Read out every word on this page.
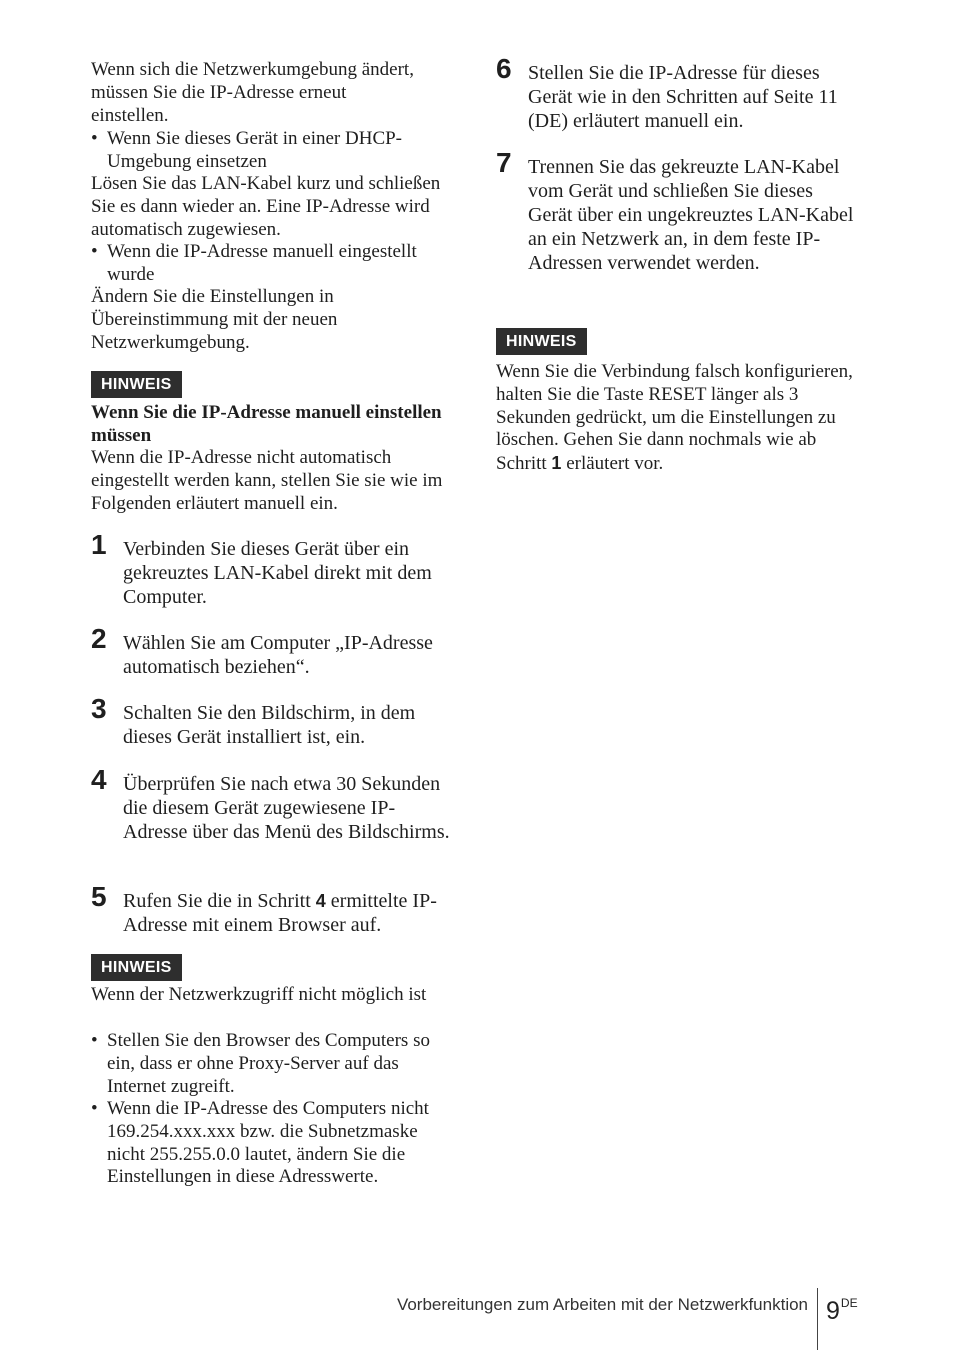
Wenn sich die Netzwerkumgebung ändert,
müssen Sie die IP-Adresse erneut
einstellen.

• Wenn Sie dieses Gerät in einer DHCP-Umgebung einsetzen

Lösen Sie das LAN-Kabel kurz und schließen Sie es dann wieder an. Eine IP-Adresse wird automatisch zugewiesen.

• Wenn die IP-Adresse manuell eingestellt wurde

Ändern Sie die Einstellungen in Übereinstimmung mit der neuen Netzwerkumgebung.

HINWEIS

Wenn Sie die IP-Adresse manuell einstellen müssen

Wenn die IP-Adresse nicht automatisch eingestellt werden kann, stellen Sie sie wie im Folgenden erläutert manuell ein.

1 Verbinden Sie dieses Gerät über ein gekreuztes LAN-Kabel direkt mit dem Computer.
2 Wählen Sie am Computer „IP-Adresse automatisch beziehen“.
3 Schalten Sie den Bildschirm, in dem dieses Gerät installiert ist, ein.
4 Überprüfen Sie nach etwa 30 Sekunden die diesem Gerät zugewiesene IP-Adresse über das Menü des Bildschirms.
5 Rufen Sie die in Schritt 4 ermittelte IP-Adresse mit einem Browser auf.
HINWEIS

Wenn der Netzwerkzugriff nicht möglich ist

• Stellen Sie den Browser des Computers so ein, dass er ohne Proxy-Server auf das Internet zugreift.
• Wenn die IP-Adresse des Computers nicht 169.254.xxx.xxx bzw. die Subnetzmaske nicht 255.255.0.0 lautet, ändern Sie die Einstellungen in diese Adresswerte.
6 Stellen Sie die IP-Adresse für dieses Gerät wie in den Schritten auf Seite 11 (DE) erläutert manuell ein.
7 Trennen Sie das gekreuzte LAN-Kabel vom Gerät und schließen Sie dieses Gerät über ein ungekreuztes LAN-Kabel an ein Netzwerk an, in dem feste IP-Adressen verwendet werden.
HINWEIS

Wenn Sie die Verbindung falsch konfigurieren, halten Sie die Taste RESET länger als 3 Sekunden gedrückt, um die Einstellungen zu löschen. Gehen Sie dann nochmals wie ab Schritt 1 erläutert vor.

Vorbereitungen zum Arbeiten mit der Netzwerkfunktion 9DE
